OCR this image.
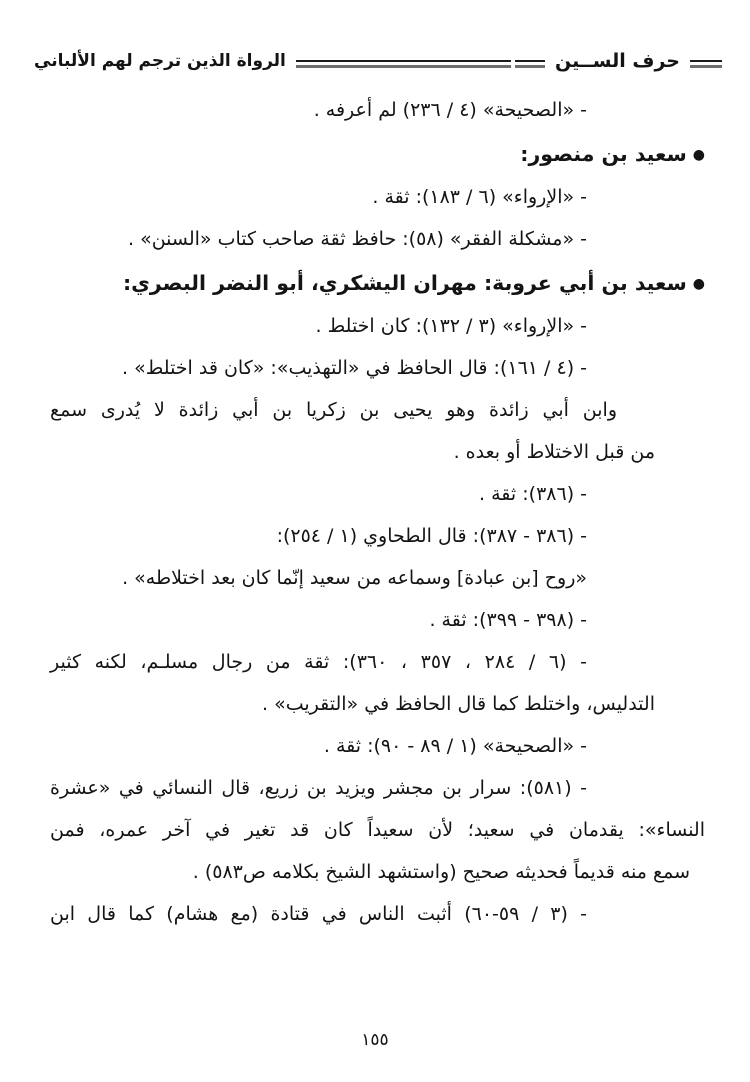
حرف الســين
الرواة الذين ترجم لهم الألباني
- «الصحيحة» (٤ / ٢٣٦) لم أعرفه .
●سعيد بن منصور:
- «الإرواء» (٦ / ١٨٣): ثقة .
- «مشكلة الفقر» (٥٨): حافظ ثقة صاحب كتاب «السنن» .
●سعيد بن أبي عروبة: مهران اليشكري، أبو النضر البصري:
- «الإرواء» (٣ / ١٣٢): كان اختلط .
- (٤ / ١٦١): قال الحافظ في «التهذيب»: «كان قد اختلط» .
وابن أبي زائدة وهو يحيى بن زكريا بن أبي زائدة لا يُدرى سمع
من قبل الاختلاط أو بعده .
- (٣٨٦): ثقة .
- (٣٨٦ - ٣٨٧): قال الطحاوي (١ / ٢٥٤):
«روح [بن عبادة] وسماعه من سعيد إنّما كان بعد اختلاطه» .
- (٣٩٨ - ٣٩٩): ثقة .
- (٦ / ٢٨٤ ، ٣٥٧ ، ٣٦٠): ثقة من رجال مسلـم، لكنه كثير
التدليس، واختلط كما قال الحافظ في «التقريب» .
- «الصحيحة» (١ / ٨٩ - ٩٠): ثقة .
- (٥٨١): سرار بن مجشر ويزيد بن زريع، قال النسائي في «عشرة
النساء»: يقدمان في سعيد؛ لأن سعيداً كان قد تغير في آخر عمره، فمن
سمع منه قديماً فحديثه صحيح (واستشهد الشيخ بكلامه ص٥٨٣) .
- (٣ / ٥٩-٦٠) أثبت الناس في قتادة (مع هشام) كما قال ابن
١٥٥
